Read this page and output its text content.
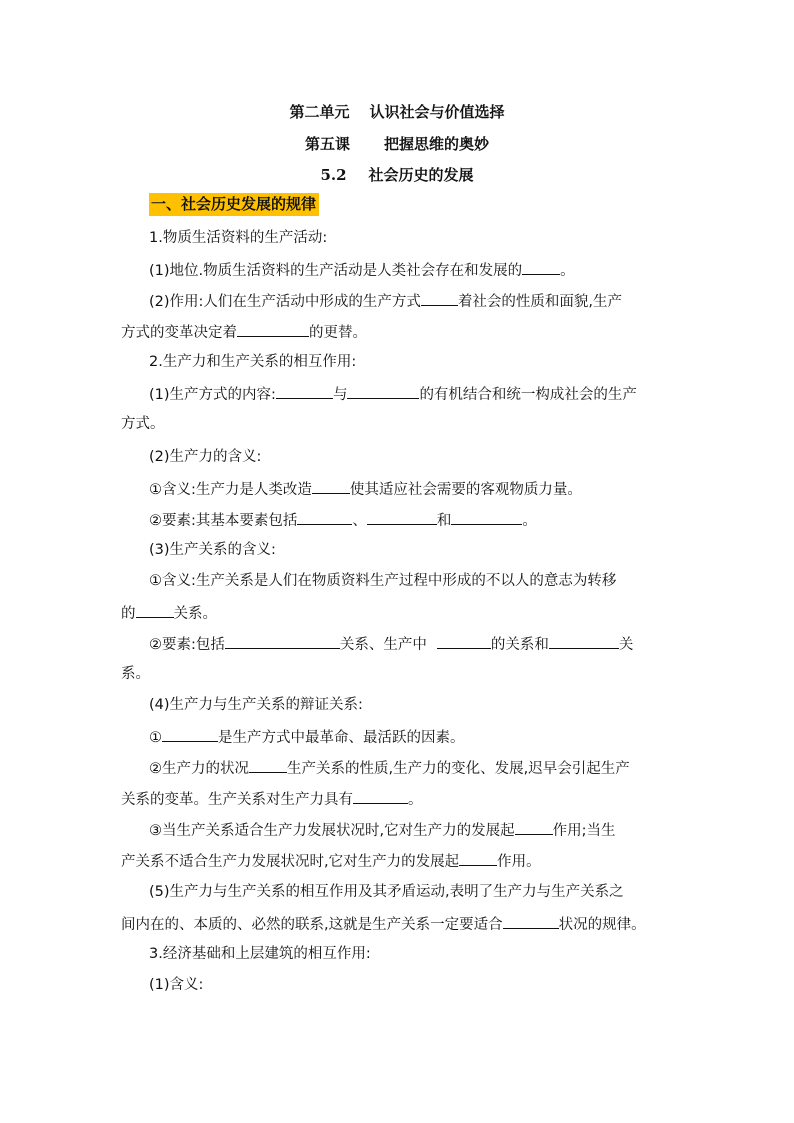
第二单元 认识社会与价值选择
第五课 把握思维的奥妙
5.2 社会历史的发展
一、社会历史发展的规律
1.物质生活资料的生产活动:
(1)地位.物质生活资料的生产活动是人类社会存在和发展的	。
(2)作用:人们在生产活动中形成的生产方式	着社会的性质和面貌,生产
方式的变革决定着	的更替。
2.生产力和生产关系的相互作用:
(1)生产方式的内容:	与	的有机结合和统一构成社会的生产
方式。
(2)生产力的含义:
①含义:生产力是人类改造	使其适应社会需要的客观物质力量。
②要素:其基本要素包括	、	和	。
(3)生产关系的含义:
①含义:生产关系是人们在物质资料生产过程中形成的不以人的意志为转移
的	关系。
②要素:包括	关系、生产中	的关系和	关
系。
(4)生产力与生产关系的辩证关系:
①	是生产方式中最革命、最活跃的因素。
②生产力的状况	生产关系的性质,生产力的变化、发展,迟早会引起生产
关系的变革。生产关系对生产力具有	。
③当生产关系适合生产力发展状况时,它对生产力的发展起	作用;当生
产关系不适合生产力发展状况时,它对生产力的发展起	作用。
(5)生产力与生产关系的相互作用及其矛盾运动,表明了生产力与生产关系之
间内在的、本质的、必然的联系,这就是生产关系一定要适合	状况的规律。
3.经济基础和上层建筑的相互作用:
(1)含义:
